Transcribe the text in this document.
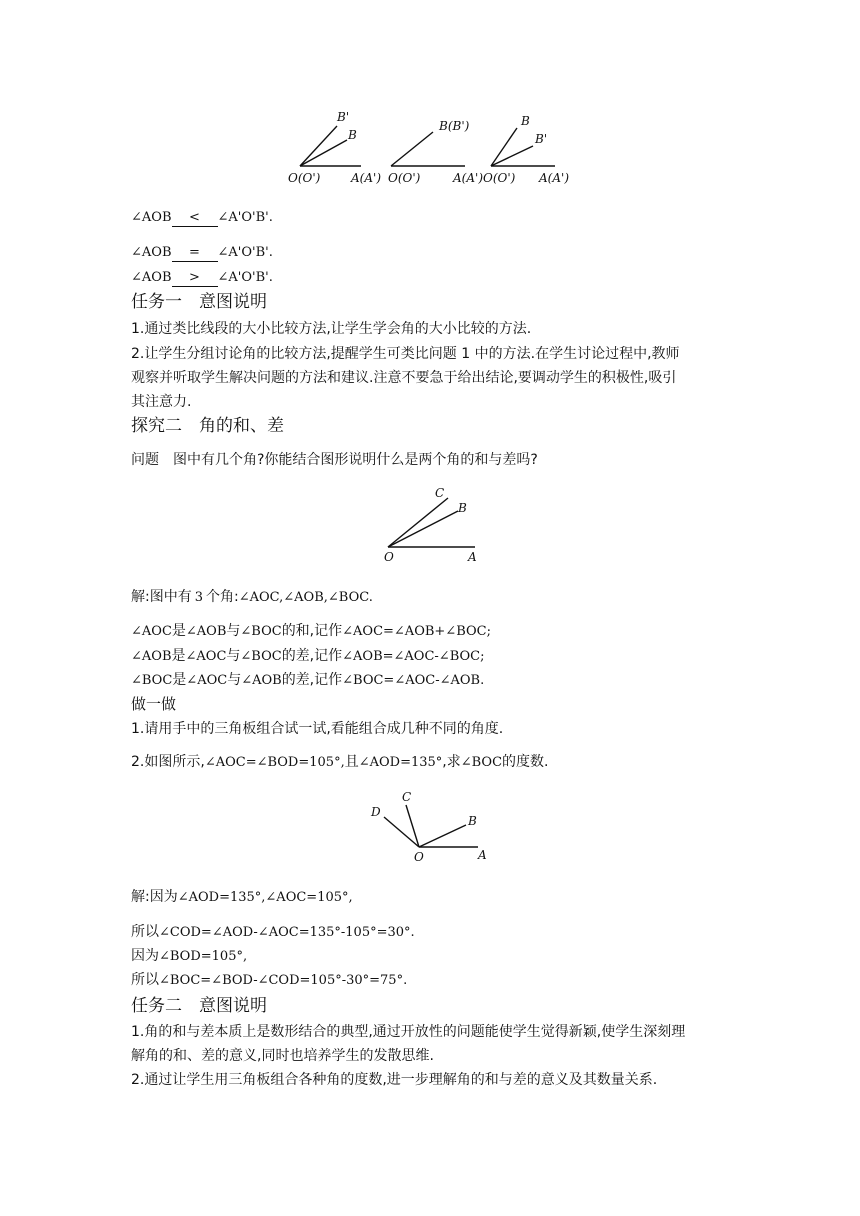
B'
B
O(O')
B(B')
A(A') O(O')
B
B'
A(A') O(O') A(A')
∠AOB < ∠A'O'B'.
∠AOB = ∠A'O'B'.
∠AOB > ∠A'O'B'.
任务一　意图说明
1.通过类比线段的大小比较方法,让学生学会角的大小比较的方法.
2.让学生分组讨论角的比较方法,提醒学生可类比问题 1 中的方法.在学生讨论过程中,教师
观察并听取学生解决问题的方法和建议.注意不要急于给出结论,要调动学生的积极性,吸引
其注意力.
探究二　角的和、差
问题　图中有几个角?你能结合图形说明什么是两个角的和与差吗?
C
B
O	A
解:图中有 3 个角:∠AOC,∠AOB,∠BOC.
∠AOC是∠AOB与∠BOC的和,记作∠AOC=∠AOB+∠BOC;
∠AOB是∠AOC与∠BOC的差,记作∠AOB=∠AOC-∠BOC;
∠BOC是∠AOC与∠AOB的差,记作∠BOC=∠AOC-∠AOB.
做一做
1.请用手中的三角板组合试一试,看能组合成几种不同的角度.
2.如图所示,∠AOC=∠BOD=105°,且∠AOD=135°,求∠BOC的度数.
C
D
B
O	A
解:因为∠AOD=135°,∠AOC=105°,
所以∠COD=∠AOD-∠AOC=135°-105°=30°.
因为∠BOD=105°,
所以∠BOC=∠BOD-∠COD=105°-30°=75°.
任务二　意图说明
1.角的和与差本质上是数形结合的典型,通过开放性的问题能使学生觉得新颖,使学生深刻理
解角的和、差的意义,同时也培养学生的发散思维.
2.通过让学生用三角板组合各种角的度数,进一步理解角的和与差的意义及其数量关系.
